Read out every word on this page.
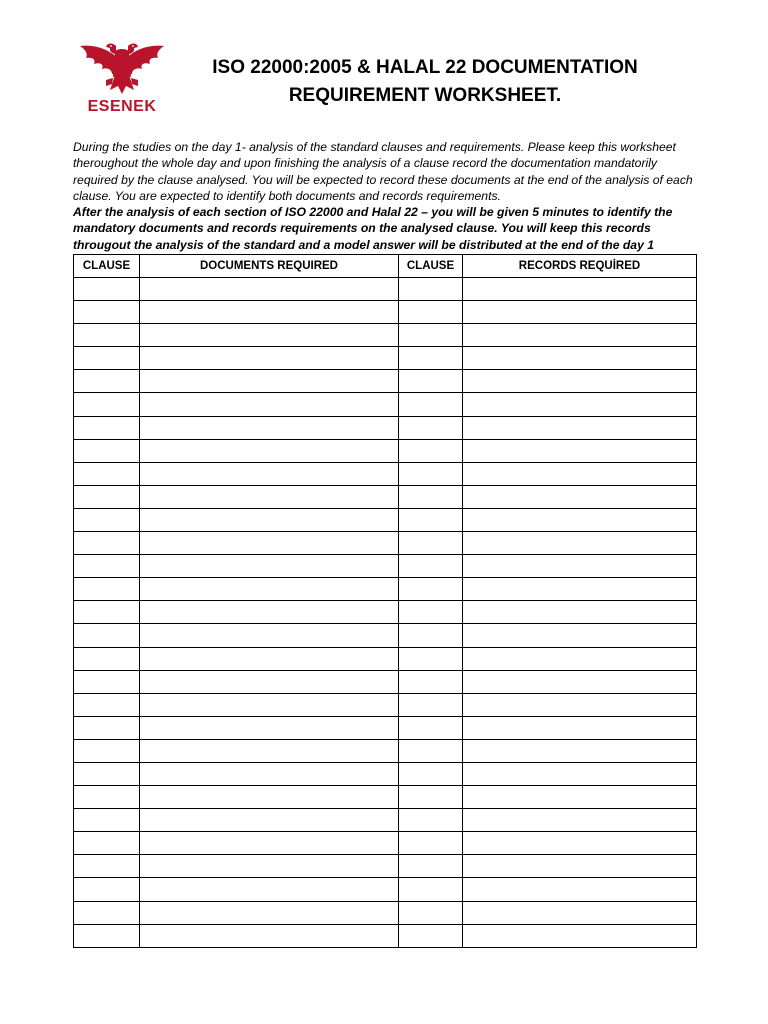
ESENEK
ISO 22000:2005 & HALAL 22 DOCUMENTATION
REQUIREMENT WORKSHEET.

During the studies on the day 1- analysis of the standard clauses and requirements. Please keep this worksheet theroughout the whole day and upon finishing the analysis of a clause record the documentation mandatorily required by the clause analysed. You will be expected to record these documents at the end of the analysis of each clause. You are expected to identify both documents and records requirements.

After the analysis of each section of ISO 22000 and Halal 22 – you will be given 5 minutes to identify the mandatory documents and records requirements on the analysed clause. You will keep this records througout the analysis of the standard and a model answer will be distributed at the end of the day 1

CLAUSE	DOCUMENTS REQUIRED	CLAUSE	RECORDS REQUİRED
